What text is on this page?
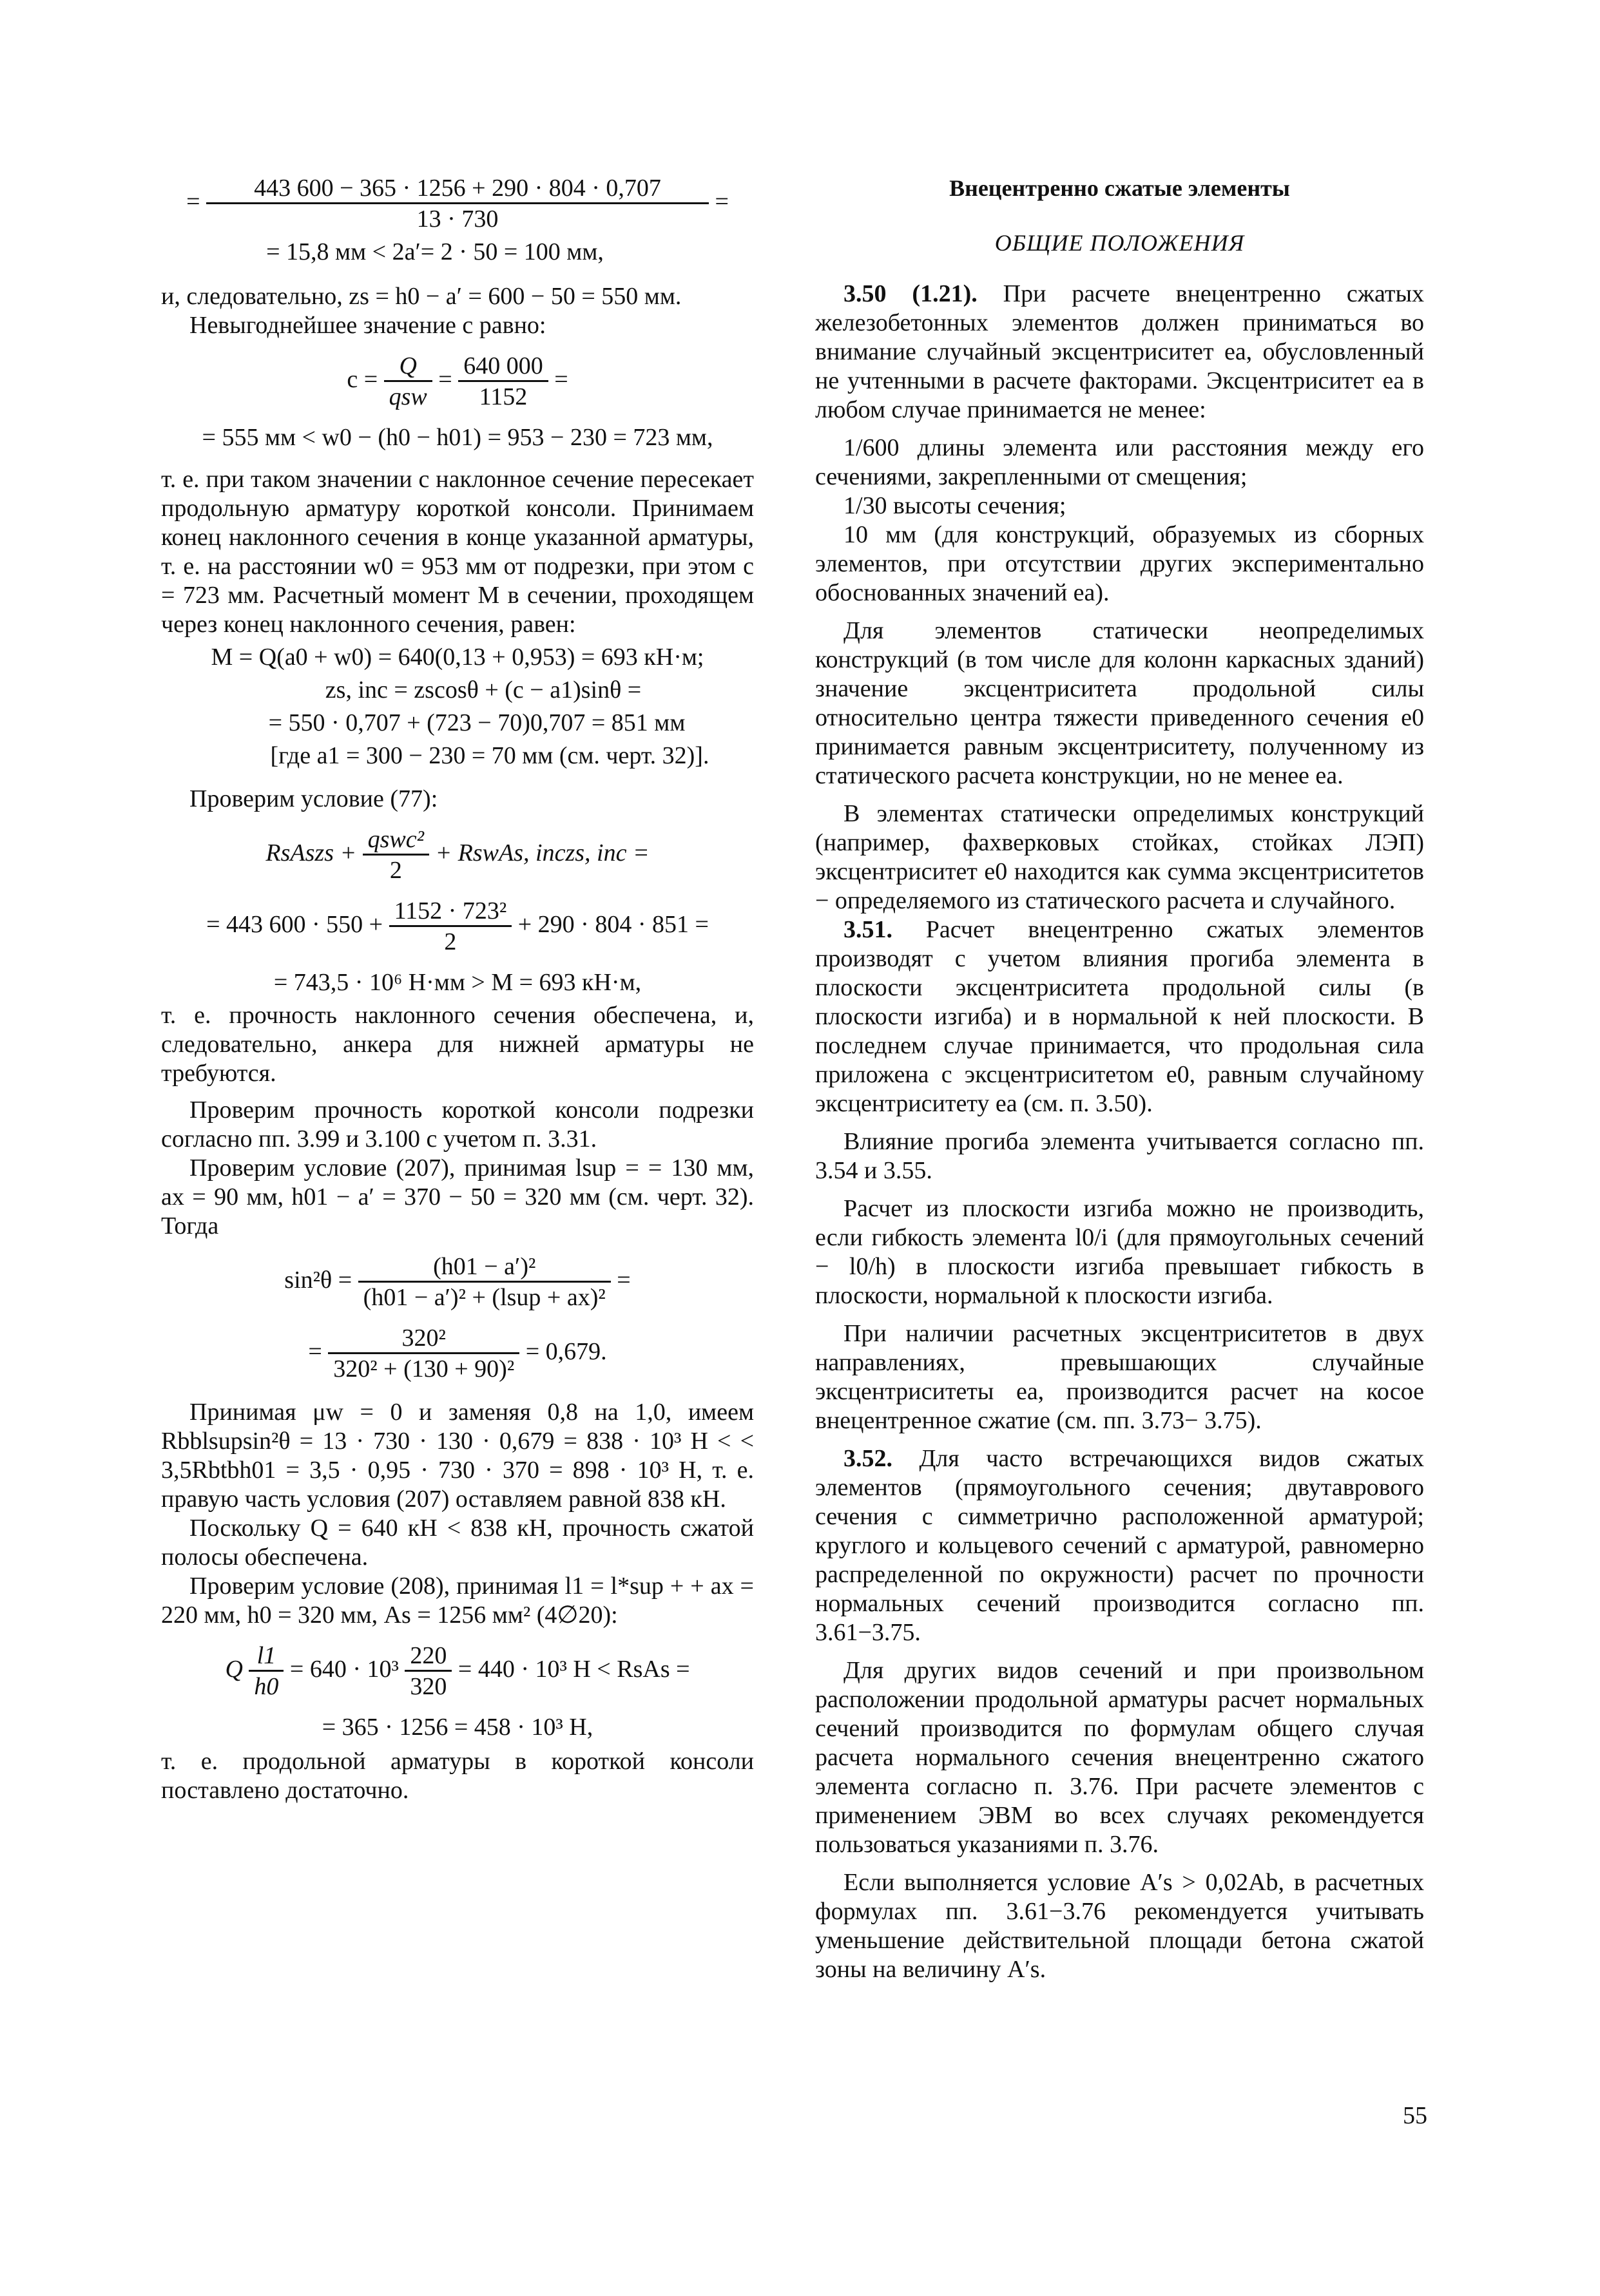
= $\frac{443 600 - 365 \cdot 1256 + 290 \cdot 804 \cdot 0,707}{13 \cdot 730}$ =
= 15,8 мм < 2a′= 2 · 50 = 100 мм,

и, следовательно, zs = h0 − a′ = 600 − 50 = 550 мм.

Невыгоднейшее значение c равно:

$c = \frac{Q}{\text{qsw}} = \frac{640 000}{1152}$ =
= 555 мм < w0 − (h0 − h01) = 953 − 230 = 723 мм,

т. е. при таком значении c наклонное сечение пересекает продольную арматуру короткой консоли. Принимаем конец наклонного сечения в конце указанной арматуры, т. е. на расстоянии w0 = 953 мм от подрезки, при этом c = 723 мм. Расчетный момент M в сечении, проходящем через конец наклонного сечения, равен:

M = Q(a0 + w0) = 640(0,13 + 0,953) = 693 кН·м;
zs, inc = zscosθ + (c − a1)sinθ =
= 550 · 0,707 + (723 − 70)0,707 = 851 мм
[где a1 = 300 − 230 = 70 мм (см. черт. 32)].

Проверим условие (77):

RsAszs + $\frac{\text{qswc²}}{2}$ + RswAs, inczs, inc =
= 443 $600 \cdot 550 + \frac{\text{1152 · 723²}}{2} + 290 \cdot 804 \cdot 851$ =
= 743,5 · 10⁶ Н·мм > M = 693 кН·м,

т. е. прочность наклонного сечения обеспечена, и, следовательно, анкера для нижней арматуры не требуются.

Проверим прочность короткой консоли подрезки согласно пп. 3.99 и 3.100 с учетом п. 3.31.

Проверим условие (207), принимая lsup = = 130 мм, ax = 90 мм, h01 − a′ = 370 − 50 = 320 мм (см. черт. 32). Тогда

$\sin^2\theta = \frac{\text{(h01 − a′)²}}{\text{(h01 − a′)² + (lsup + ax)²}}$ =
= $\frac{\text{320²}}{\text{320² + (130 + 90)²}} = 0,679$.

Принимая μw = 0 и заменяя 0,8 на 1,0, имеем Rbblsupsin²θ = 13 · 730 · 130 · 0,679 = 838 · 10³ Н < < 3,5Rbtbh01 = 3,5 · 0,95 · 730 · 370 = 898 · 10³ Н, т. е. правую часть условия (207) оставляем равной 838 кН.

Поскольку Q = 640 кН < 838 кН, прочность сжатой полосы обеспечена.

Проверим условие (208), принимая l1 = l*sup + + ax = 220 мм, h0 = 320 мм, As = 1256 мм² (4∅20):

Q $\frac{l1}{h0} = 640 \cdot 10^3 \frac{220}{320} = 440 \cdot 10^3$ Н < RsAs =
= 365 · 1256 = 458 · 10³ Н,

т. е. продольной арматуры в короткой консоли поставлено достаточно.

Внецентренно сжатые элементы
ОБЩИЕ ПОЛОЖЕНИЯ

3.50 (1.21). При расчете внецентренно сжатых железобетонных элементов должен приниматься во внимание случайный эксцентриситет ea, обусловленный не учтенными в расчете факторами. Эксцентриситет ea в любом случае принимается не менее:

1/600 длины элемента или расстояния между его сечениями, закрепленными от смещения;

1/30 высоты сечения;

10 мм (для конструкций, образуемых из сборных элементов, при отсутствии других экспериментально обоснованных значений ea).

Для элементов статически неопределимых конструкций (в том числе для колонн каркасных зданий) значение эксцентриситета продольной силы относительно центра тяжести приведенного сечения e0 принимается равным эксцентриситету, полученному из статического расчета конструкции, но не менее ea.

В элементах статически определимых конструкций (например, фахверковых стойках, стойках ЛЭП) эксцентриситет e0 находится как сумма эксцентриситетов − определяемого из статического расчета и случайного.

3.51. Расчет внецентренно сжатых элементов производят с учетом влияния прогиба элемента в плоскости эксцентриситета продольной силы (в плоскости изгиба) и в нормальной к ней плоскости. В последнем случае принимается, что продольная сила приложена с эксцентриситетом e0, равным случайному эксцентриситету ea (см. п. 3.50).

Влияние прогиба элемента учитывается согласно пп. 3.54 и 3.55.

Расчет из плоскости изгиба можно не производить, если гибкость элемента l0/i (для прямоугольных сечений − l0/h) в плоскости изгиба превышает гибкость в плоскости, нормальной к плоскости изгиба.

При наличии расчетных эксцентриситетов в двух направлениях, превышающих случайные эксцентриситеты ea, производится расчет на косое внецентренное сжатие (см. пп. 3.73− 3.75).

3.52. Для часто встречающихся видов сжатых элементов (прямоугольного сечения; двутаврового сечения с симметрично расположенной арматурой; круглого и кольцевого сечений с арматурой, равномерно распределенной по окружности) расчет по прочности нормальных сечений производится согласно пп. 3.61−3.75.

Для других видов сечений и при произвольном расположении продольной арматуры расчет нормальных сечений производится по формулам общего случая расчета нормального сечения внецентренно сжатого элемента согласно п. 3.76. При расчете элементов с применением ЭВМ во всех случаях рекомендуется пользоваться указаниями п. 3.76.

Если выполняется условие A′s > 0,02Ab, в расчетных формулах пп. 3.61−3.76 рекомендуется учитывать уменьшение действительной площади бетона сжатой зоны на величину A′s.

55
